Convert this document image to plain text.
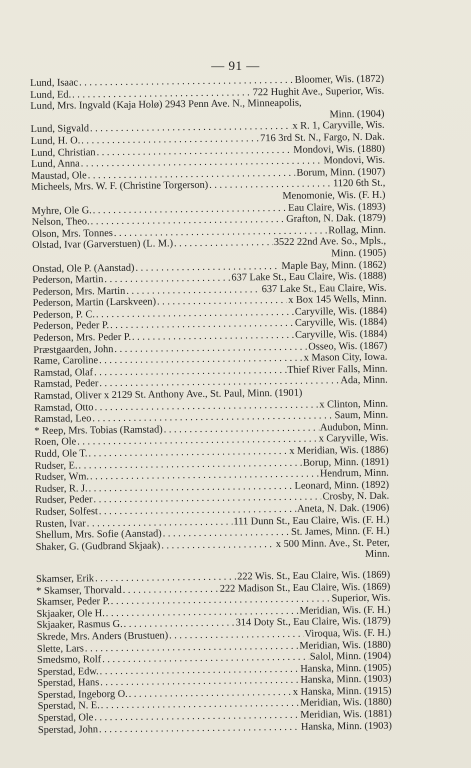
— 91 —
Lund, Isaac . . .	Bloomer, Wis. (1872)
Lund, Ed. . . .	722 Hughit Ave., Superior, Wis.
Lund, Mrs. Ingvald (Kaja Holø) 2943 Penn Ave. N., Minneapolis,
Minn. (1904)
Lund, Sigvald . . .	x R. 1, Caryville, Wis.
Lund, H. O. . . .	716 3rd St. N., Fargo, N. Dak.
Lund, Christian . . .	Mondovi, Wis. (1880)
Lund, Anna . . .	Mondovi, Wis.
Maustad, Ole . . .	Borum, Minn. (1907)
Micheels, Mrs. W. F. (Christine Torgerson) . . .	1120 6th St.,
Menomonie, Wis. (F. H.)
Myhre, Ole G. . . .	Eau Claire, Wis. (1893)
Nelson, Theo. . . .	Grafton, N. Dak. (1879)
Olson, Mrs. Tonnes . . .	Rollag, Minn.
Olstad, Ivar (Garverstuen) (L. M.) . . .	3522 22nd Ave. So., Mpls.,
Minn. (1905)
Onstad, Ole P. (Aanstad) . . .	Maple Bay, Minn. (1862)
Pederson, Martin . . .	637 Lake St., Eau Claire, Wis. (1888)
Pederson, Mrs. Martin . . .	637 Lake St., Eau Claire, Wis.
Pederson, Martin (Larskveen) . . .	x Box 145 Wells, Minn.
Pederson, P. C. . . .	Caryville, Wis. (1884)
Pederson, Peder P. . . .	Caryville, Wis. (1884)
Pederson, Mrs. Peder P. . . .	Caryville, Wis. (1884)
Præstgaarden, John . . .	Osseo, Wis. (1867)
Rame, Caroline . . .	x Mason City, Iowa.
Ramstad, Olaf . . .	Thief River Falls, Minn.
Ramstad, Peder . . .	Ada, Minn.
Ramstad, Oliver x 2129 St. Anthony Ave., St. Paul, Minn. (1901)
Ramstad, Otto . . .	x Clinton, Minn.
Ramstad, Leo . . .	Saum, Minn.
* Reep, Mrs. Tobias (Ramstad) . . .	Audubon, Minn.
Roen, Ole . . .	x Caryville, Wis.
Rudd, Ole T. . . .	x Meridian, Wis. (1886)
Rudser, E. . . .	Borup, Minn. (1891)
Rudser, Wm. . . .	Hendrum, Minn.
Rudser, R. J. . . .	Leonard, Minn. (1892)
Rudser, Peder . . .	Crosby, N. Dak.
Rudser, Solfest . . .	Aneta, N. Dak. (1906)
Rusten, Ivar . . .	111 Dunn St., Eau Claire, Wis. (F. H.)
Shellum, Mrs. Sofie (Aanstad) . . .	St. James, Minn. (F. H.)
Shaker, G. (Gudbrand Skjaak) . . .	x 500 Minn. Ave., St. Peter,
Minn.
Skamser, Erik . . .	222 Wis. St., Eau Claire, Wis. (1869)
* Skamser, Thorvald . . .	222 Madison St., Eau Claire, Wis. (1869)
Skamser, Peder P. . . .	Superior, Wis.
Skjaaker, Ole H. . . .	Meridian, Wis. (F. H.)
Skjaaker, Rasmus G. . . .	314 Doty St., Eau Claire, Wis. (1879)
Skrede, Mrs. Anders (Brustuen) . . .	Viroqua, Wis. (F. H.)
Slette, Lars . . .	Meridian, Wis. (1880)
Smedsmo, Rolf . . .	Salol, Minn. (1904)
Sperstad, Edw. . . .	Hanska, Minn. (1905)
Sperstad, Hans . . .	Hanska, Minn. (1903)
Sperstad, Ingeborg O. . . .	x Hanska, Minn. (1915)
Sperstad, N. E. . . .	Meridian, Wis. (1880)
Sperstad, Ole . . .	Meridian, Wis. (1881)
Sperstad, John . . .	Hanska, Minn. (1903)
